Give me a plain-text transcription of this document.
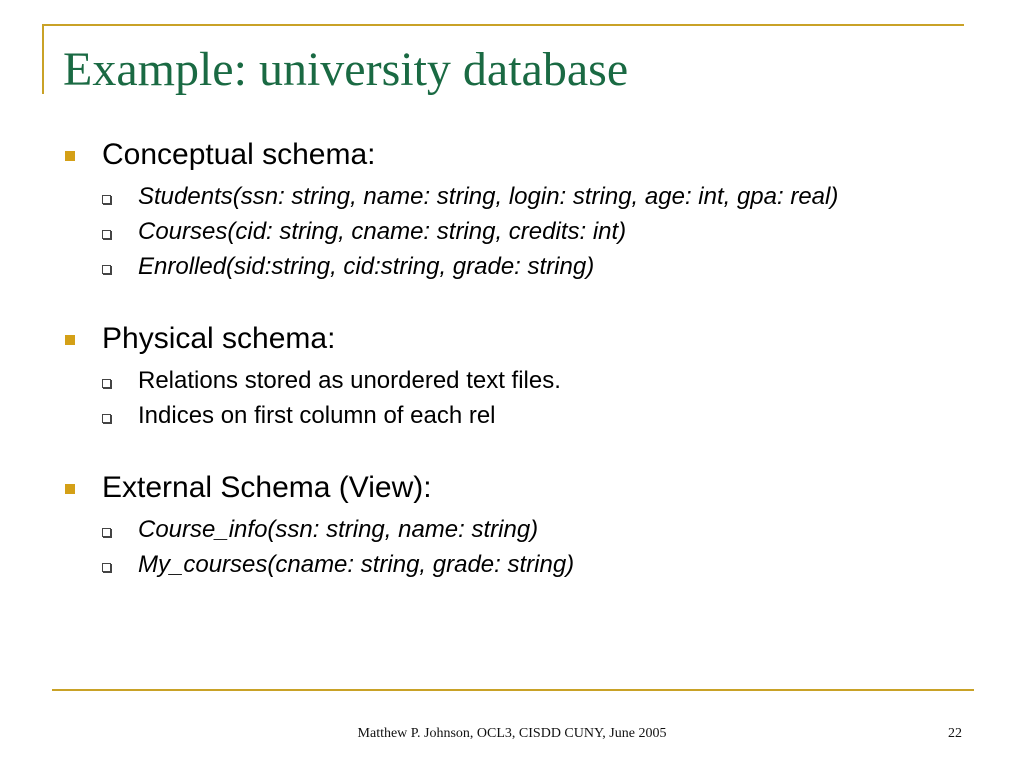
Example: university database
Conceptual schema:
Students(ssn: string, name: string, login: string, age: int, gpa: real)
Courses(cid: string, cname: string, credits: int)
Enrolled(sid:string, cid:string, grade: string)
Physical schema:
Relations stored as unordered text files.
Indices on first column of each rel
External Schema (View):
Course_info(ssn: string, name: string)
My_courses(cname: string, grade: string)
Matthew P. Johnson, OCL3, CISDD CUNY, June 2005	22
